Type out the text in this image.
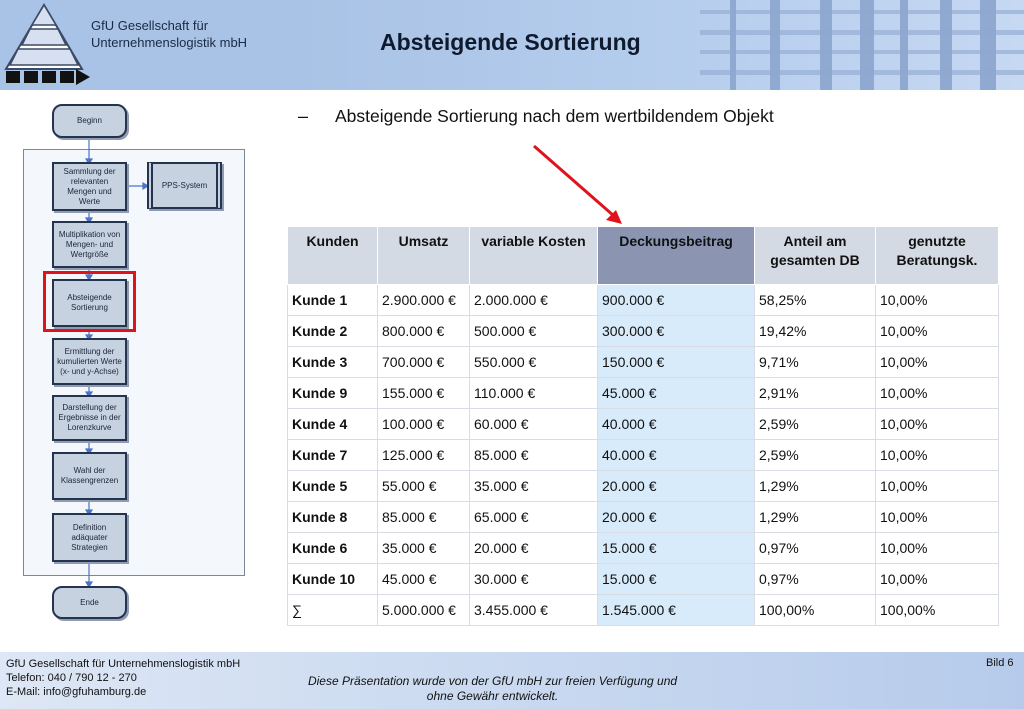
GfU Gesellschaft für
Unternehmenslogistik mbH	Absteigende Sortierung
– Absteigende Sortierung nach dem wertbildendem Objekt
Beginn
Sammlung der relevanten Mengen und Werte
PPS-System
Multiplikation von Mengen- und Wertgröße
Absteigende Sortierung
Ermittlung der kumulierten Werte (x- und y-Achse)
Darstellung der Ergebnisse in der Lorenzkurve
Wahl der Klassengrenzen
Definition adäquater Strategien
Ende
Kunden	Umsatz	variable Kosten	Deckungsbeitrag	Anteil am gesamten DB	genutzte Beratungsk.
Kunde 1	2.900.000 €	2.000.000 €	900.000 €	58,25%	10,00%
Kunde 2	800.000 €	500.000 €	300.000 €	19,42%	10,00%
Kunde 3	700.000 €	550.000 €	150.000 €	9,71%	10,00%
Kunde 9	155.000 €	110.000 €	45.000 €	2,91%	10,00%
Kunde 4	100.000 €	60.000 €	40.000 €	2,59%	10,00%
Kunde 7	125.000 €	85.000 €	40.000 €	2,59%	10,00%
Kunde 5	55.000 €	35.000 €	20.000 €	1,29%	10,00%
Kunde 8	85.000 €	65.000 €	20.000 €	1,29%	10,00%
Kunde 6	35.000 €	20.000 €	15.000 €	0,97%	10,00%
Kunde 10	45.000 €	30.000 €	15.000 €	0,97%	10,00%
∑	5.000.000 €	3.455.000 €	1.545.000 €	100,00%	100,00%
GfU Gesellschaft für Unternehmenslogistik mbH
Telefon: 040 / 790 12 - 270
E-Mail: info@gfuhamburg.de
Diese Präsentation wurde von der GfU mbH zur freien Verfügung und
ohne Gewähr entwickelt.
Bild 6
